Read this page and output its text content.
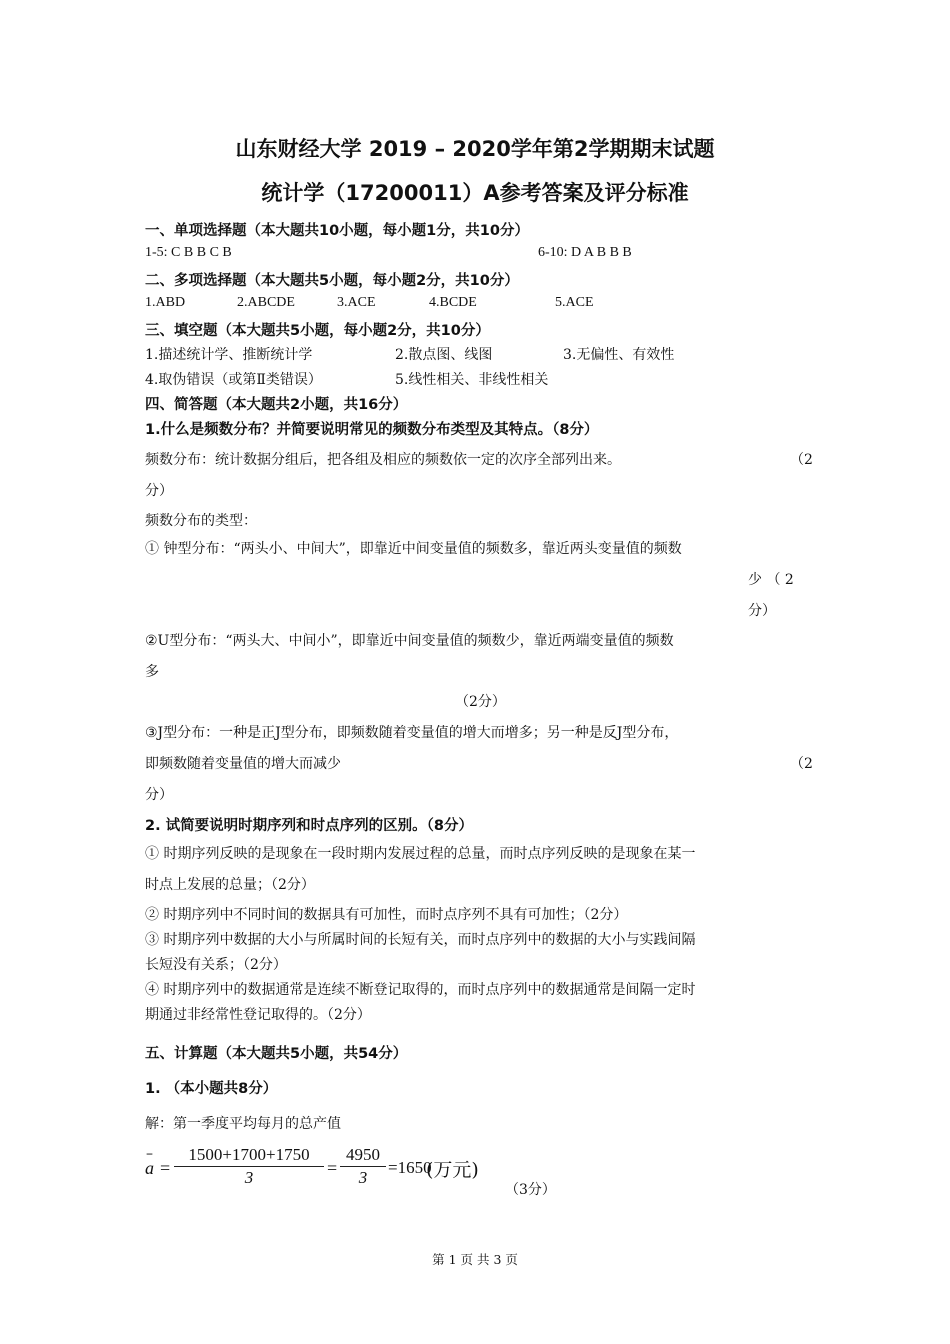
山东财经大学 2019 – 2020学年第2学期期末试题
统计学（17200011）A参考答案及评分标准
一、单项选择题（本大题共10小题，每小题1分，共10分）
1-5: C B B C B	6-10: D A B B B
二、多项选择题（本大题共5小题，每小题2分，共10分）
1.ABD	2.ABCDE	3.ACE	4.BCDE	5.ACE
三、填空题（本大题共5小题，每小题2分，共10分）
1.描述统计学、推断统计学	2.散点图、线图	3.无偏性、有效性
4.取伪错误（或第Ⅱ类错误）	5.线性相关、非线性相关
四、简答题（本大题共2小题，共16分）
1.什么是频数分布？并简要说明常见的频数分布类型及其特点。（8分）
频数分布：统计数据分组后，把各组及相应的频数依一定的次序全部列出来。	（2
分）
频数分布的类型：
① 钟型分布：“两头小、中间大”，即靠近中间变量值的频数多，靠近两头变量值的频数
少 （ 2
分）
②U型分布：“两头大、中间小”，即靠近中间变量值的频数少，靠近两端变量值的频数
多
（2分）
③J型分布：一种是正J型分布，即频数随着变量值的增大而增多；另一种是反J型分布，
即频数随着变量值的增大而减少	（2
分）
2. 试简要说明时期序列和时点序列的区别。（8分）
① 时期序列反映的是现象在一段时期内发展过程的总量，而时点序列反映的是现象在某一
时点上发展的总量；（2分）
② 时期序列中不同时间的数据具有可加性，而时点序列不具有可加性；（2分）
③ 时期序列中数据的大小与所属时间的长短有关，而时点序列中的数据的大小与实践间隔
长短没有关系；（2分）
④ 时期序列中的数据通常是连续不断登记取得的，而时点序列中的数据通常是间隔一定时
期通过非经常性登记取得的。（2分）
五、计算题（本大题共5小题，共54分）
1. （本小题共8分）
解：第一季度平均每月的总产值
–
a =
1500+1700+1750
3	=
4950
3
=1650
(万元)
（3分）
第 1 页 共 3 页
